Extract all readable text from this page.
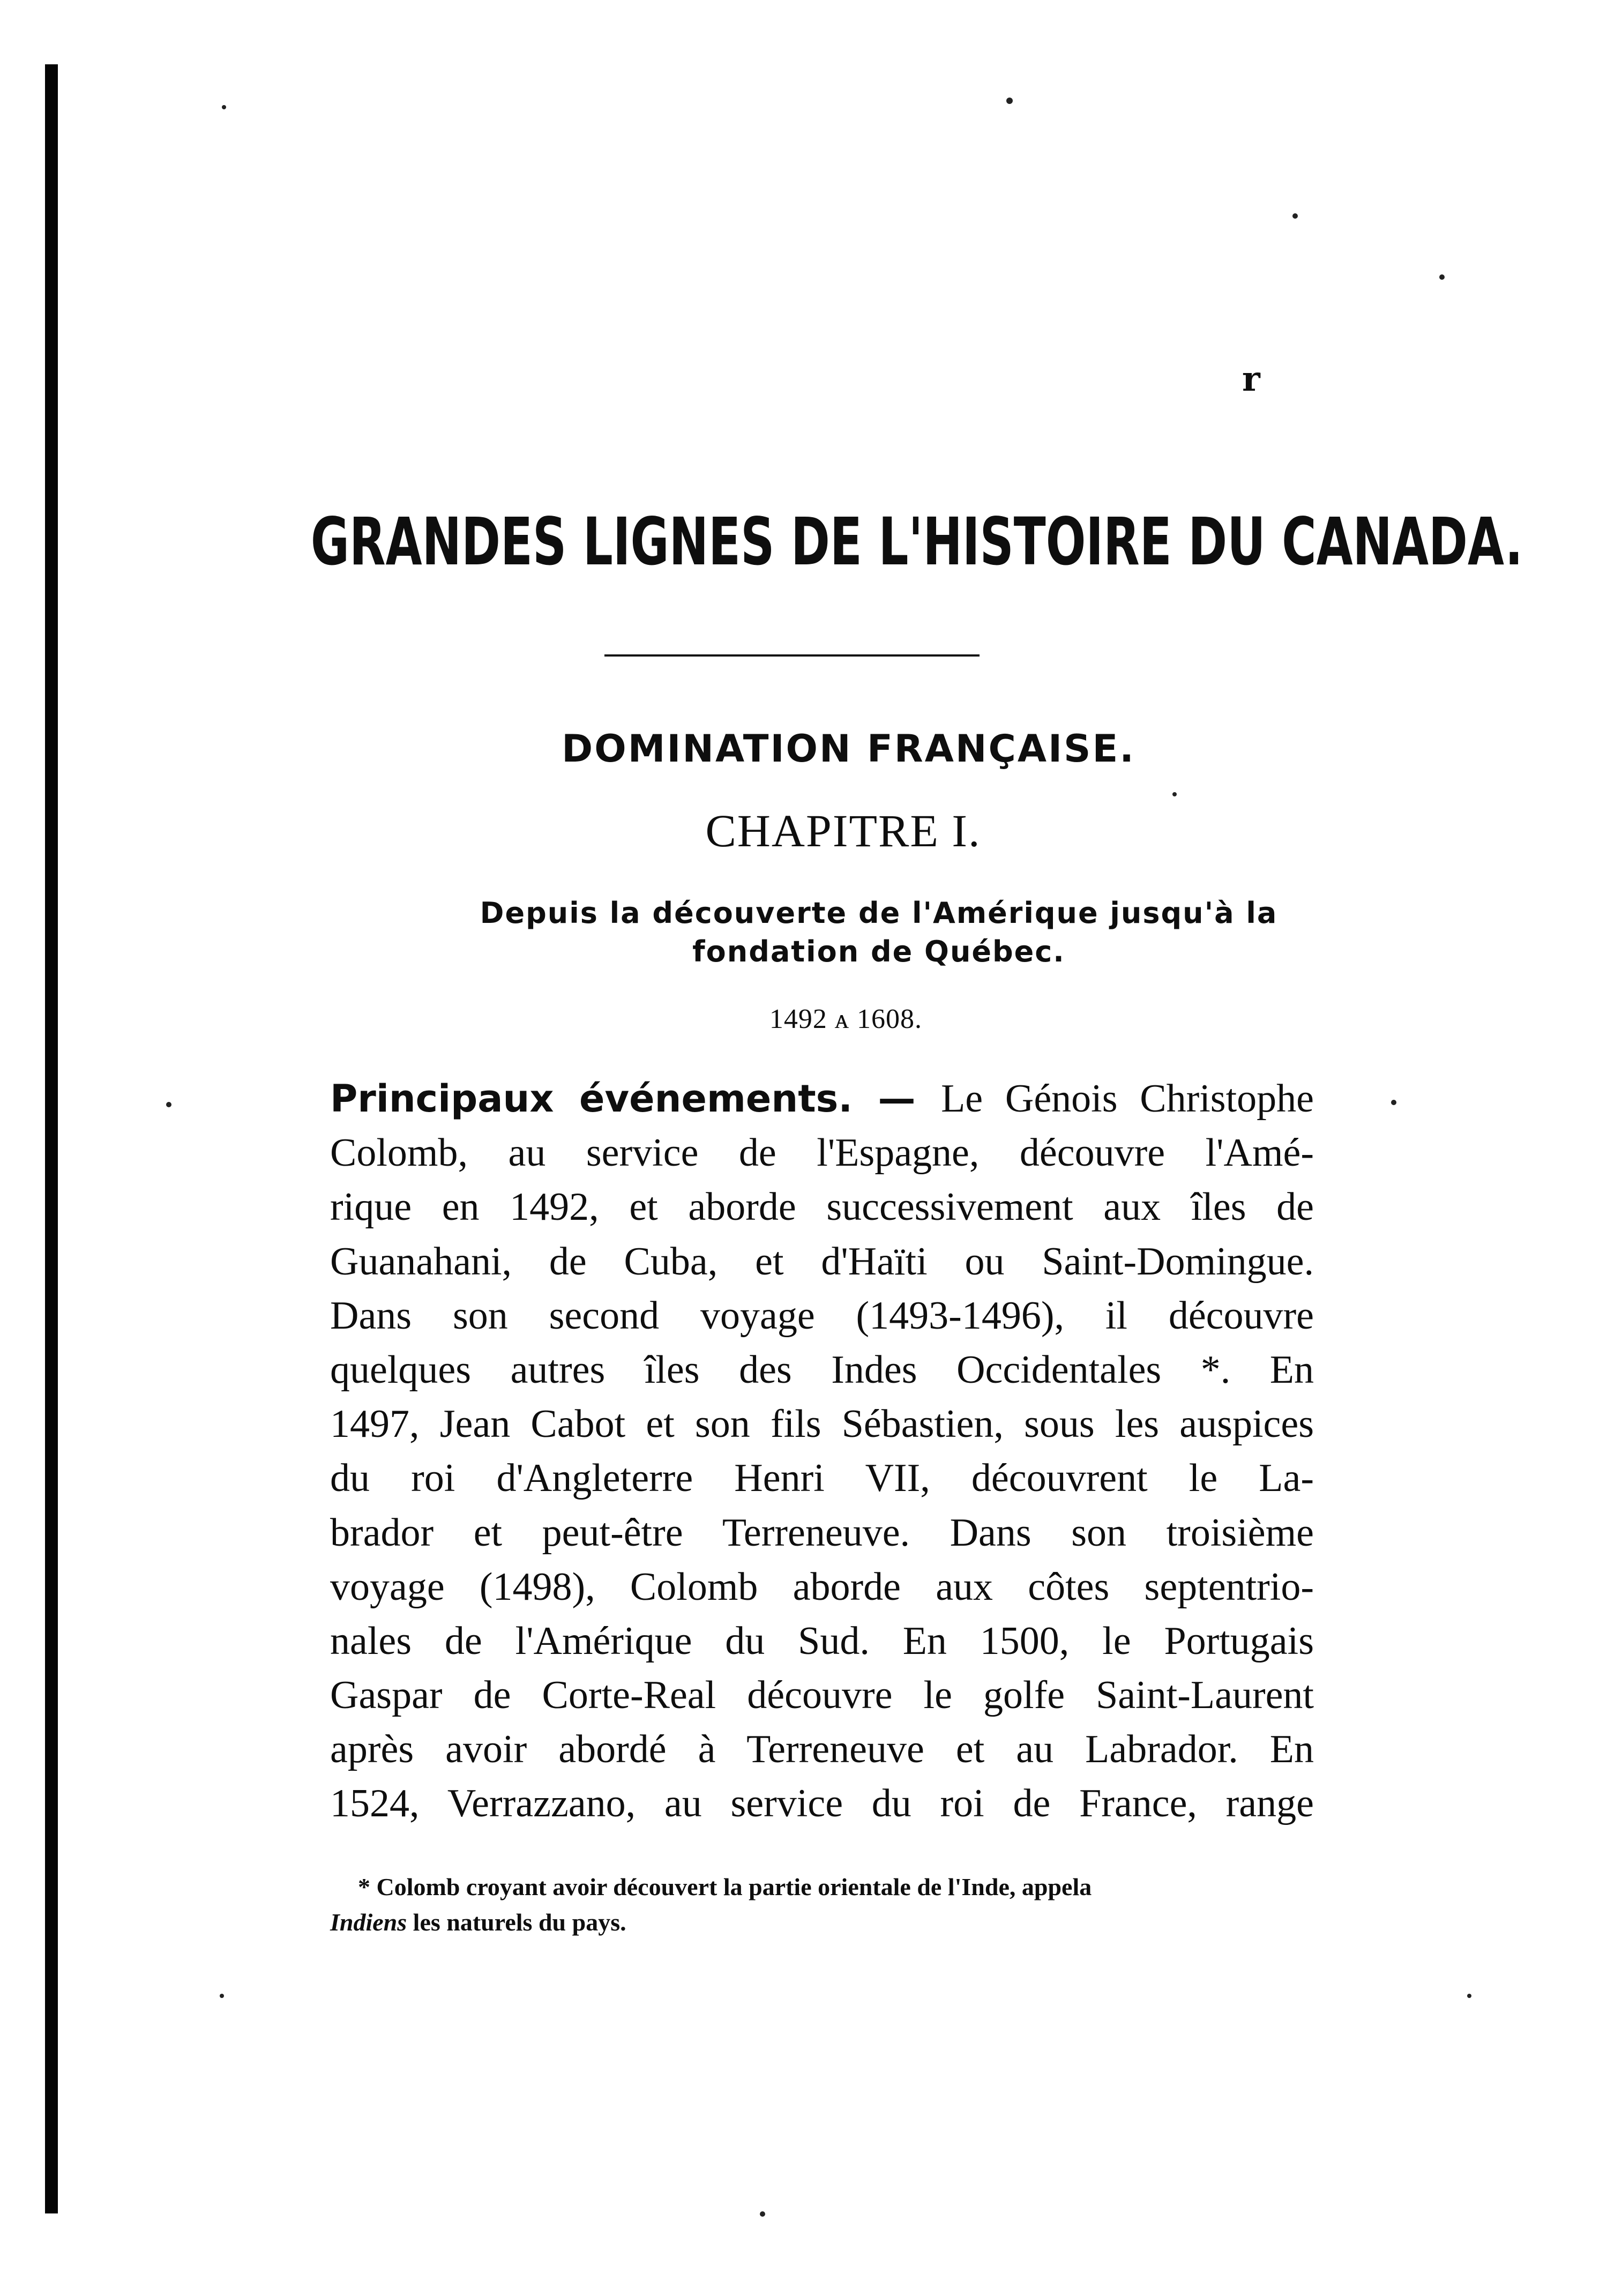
r
GRANDES LIGNES DE L'HISTOIRE DU CANADA.
DOMINATION FRANÇAISE.
CHAPITRE I.
Depuis la découverte de l'Amérique jusqu'à la
fondation de Québec.
1492 ᴀ 1608.
Principaux événements. — Le Génois Christophe
Colomb, au service de l'Espagne, découvre l'Amé-
rique en 1492, et aborde successivement aux îles de
Guanahani, de Cuba, et d'Haïti ou Saint-Domingue.
Dans son second voyage (1493-1496), il découvre
quelques autres îles des Indes Occidentales *. En
1497, Jean Cabot et son fils Sébastien, sous les auspices
du roi d'Angleterre Henri VII, découvrent le La-
brador et peut-être Terreneuve. Dans son troisième
voyage (1498), Colomb aborde aux côtes septentrio-
nales de l'Amérique du Sud. En 1500, le Portugais
Gaspar de Corte-Real découvre le golfe Saint-Laurent
après avoir abordé à Terreneuve et au Labrador. En
1524, Verrazzano, au service du roi de France, range
* Colomb croyant avoir découvert la partie orientale de l'Inde, appela
Indiens les naturels du pays.
